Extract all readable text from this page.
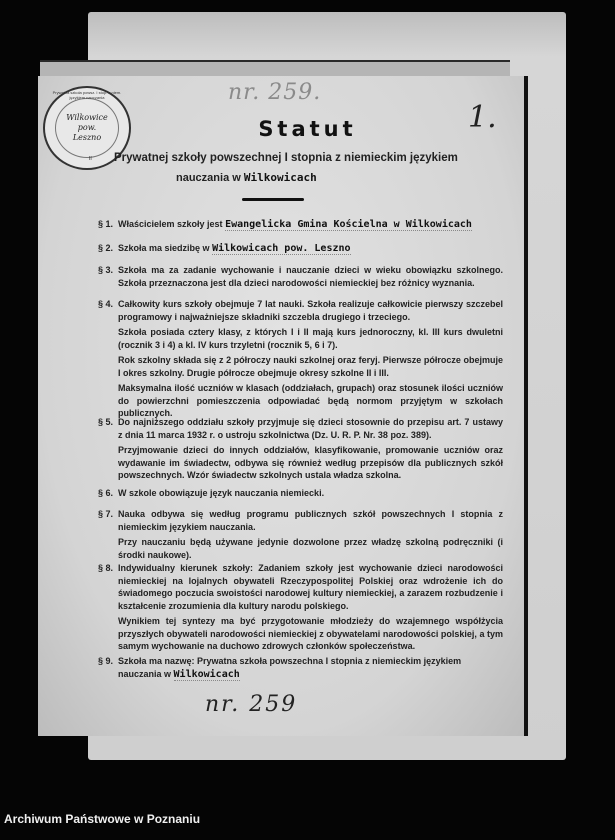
Prywatna szkoła powsz. I stop. z niem. językiem nauczania
Wilkowice
pow.
Leszno
II
nr. 259.
1.
Statut
Prywatnej szkoły powszechnej I stopnia z niemieckim językiem
nauczania w Wilkowicach
§ 1. Właścicielem szkoły jest Ewangelicka Gmina Kościelna w Wilkowicach
§ 2. Szkoła ma siedzibę w Wilkowicach pow. Leszno
§ 3. Szkoła ma za zadanie wychowanie i nauczanie dzieci w wieku obowiązku szkolnego. Szkoła przeznaczona jest dla dzieci narodowości niemieckiej bez różnicy wyznania.

§ 4. Całkowity kurs szkoły obejmuje 7 lat nauki. Szkoła realizuje całkowicie pierwszy szczebel programowy i najważniejsze składniki szczebla drugiego i trzeciego.

Szkoła posiada cztery klasy, z których I i II mają kurs jednoroczny, kl. III kurs dwuletni (rocznik 3 i 4) a kl. IV kurs trzyletni (rocznik 5, 6 i 7).

Rok szkolny składa się z 2 półroczy nauki szkolnej oraz feryj. Pierwsze półrocze obejmuje I okres szkolny. Drugie półrocze obejmuje okresy szkolne II i III.

Maksymalna ilość uczniów w klasach (oddziałach, grupach) oraz stosunek ilości uczniów do powierzchni pomieszczenia odpowiadać będą normom przyjętym w szkołach publicznych.

§ 5. Do najniższego oddziału szkoły przyjmuje się dzieci stosownie do przepisu art. 7 ustawy z dnia 11 marca 1932 r. o ustroju szkolnictwa (Dz. U. R. P. Nr. 38 poz. 389).

Przyjmowanie dzieci do innych oddziałów, klasyfikowanie, promowanie uczniów oraz wydawanie im świadectw, odbywa się również według przepisów dla publicznych szkół powszechnych. Wzór świadectw szkolnych ustala władza szkolna.

§ 6. W szkole obowiązuje język nauczania niemiecki.

§ 7. Nauka odbywa się według programu publicznych szkół powszechnych I stopnia z niemieckim językiem nauczania.

Przy nauczaniu będą używane jedynie dozwolone przez władzę szkolną podręczniki (i środki naukowe).

§ 8. Indywidualny kierunek szkoły: Zadaniem szkoły jest wychowanie dzieci narodowości niemieckiej na lojalnych obywateli Rzeczypospolitej Polskiej oraz wdrożenie ich do świadomego poczucia swoistości narodowej kultury niemieckiej, a zarazem rozbudzenie i kształcenie zrozumienia dla kultury narodu polskiego.

Wynikiem tej syntezy ma być przygotowanie młodzieży do wzajemnego współżycia przyszłych obywateli narodowości niemieckiej z obywatelami narodowości polskiej, a tym samym wychowanie na duchowo zdrowych członków społeczeństwa.

§ 9. Szkoła ma nazwę: Prywatna szkoła powszechna I stopnia z niemieckim językiem nauczania w Wilkowicach
nr. 259
Archiwum Państwowe w Poznaniu
